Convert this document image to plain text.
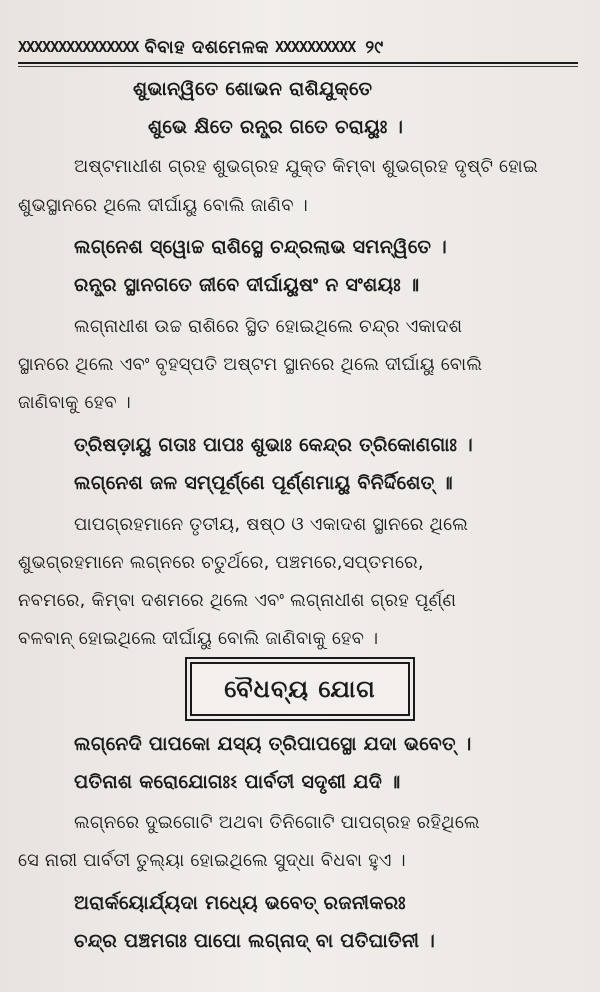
XXXXXXXXXXXXXXX ବିବାହ ଦଶମେଳକ XXXXXXXXXX ୨୯
ଶୁଭାନ୍ୱିତେ ଶୋଭନ ରାଶିଯୁକ୍ତେ
ଶୁଭେ କ୍ଷିତେ ରନ୍ଧ୍ର ଗତେ ଚରାୟୁଃ ।
ଅଷ୍ଟମାଧୀଶ ଗ୍ରହ ଶୁଭଗ୍ରହ ଯୁକ୍ତ କିମ୍ବା ଶୁଭଗ୍ରହ ଦୃଷ୍ଟି ହୋଇ
ଶୁଭସ୍ଥାନରେ ଥିଲେ ଦୀର୍ଘାୟୁ ବୋଲି ଜାଣିବ ।
ଲଗ୍ନେଶ ସ୍ୱୋଚ୍ଚ ରାଶିସ୍ଥେ ଚନ୍ଦ୍ରଲାଭ ସମନ୍ୱିତେ ।
ରନ୍ଧ୍ର ସ୍ଥାନଗତେ ଜୀବେ ଦୀର୍ଘାୟୁଷଂ ନ ସଂଶୟଃ ॥
ଲଗ୍ନାଧୀଶ ଉଚ୍ଚ ରାଶିରେ ସ୍ଥିତ ହୋଇଥିଲେ ଚନ୍ଦ୍ର ଏକାଦଶ
ସ୍ଥାନରେ ଥିଲେ ଏବଂ ବୃହସ୍ପତି ଅଷ୍ଟମ ସ୍ଥାନରେ ଥିଲେ ଦୀର୍ଘାୟୁ ବୋଲି
ଜାଣିବାକୁ ହେବ ।
ତ୍ରିଷଡ଼ାୟୁ ଗତାଃ ପାପଃ ଶୁଭାଃ କେନ୍ଦ୍ର ତ୍ରିକୋଣଗାଃ ।
ଲଗ୍ନେଶ ଜଳ ସମ୍ପୂର୍ଣ୍ଣେ ପୂର୍ଣ୍ଣମାୟୁ ବିନିର୍ଦ୍ଦିଶେତ୍ ॥
ପାପଗ୍ରହମାନେ ତୃତୀୟ, ଷଷ୍ଠ ଓ ଏକାଦଶ ସ୍ଥାନରେ ଥିଲେ
ଶୁଭଗ୍ରହମାନେ ଲଗ୍ନରେ ଚତୁର୍ଥରେ, ପଞ୍ଚମରେ,ସପ୍ତମରେ,
ନବମରେ, କିମ୍ବା ଦଶମରେ ଥିଲେ ଏବଂ ଲଗ୍ନାଧୀଶ ଗ୍ରହ ପୂର୍ଣ୍ଣ
ବଳବାନ୍ ହୋଇଥିଲେ ଦୀର୍ଘାୟୁ ବୋଲି ଜାଣିବାକୁ ହେବ ।
ବୈଧବ୍ୟ ଯୋଗ
ଲଗ୍ନେଦି ପାପକୋ ଯସ୍ୟ ତ୍ରିପାପସ୍ଥୋ ଯଦା ଭବେତ୍ ।
ପତିନାଶ କରୋଯୋଗଃଽ ପାର୍ବତୀ ସଦୃଶୀ ଯଦି ॥
ଲଗ୍ନରେ ଦୁଇଗୋଟି ଅଥବା ତିନିଗୋଟି ପାପଗ୍ରହ ରହିଥିଲେ
ସେ ନାରୀ ପାର୍ବତୀ ତୁଲ୍ୟା ହୋଇଥିଲେ ସୁଦ୍ଧା ବିଧବା ହୁଏ ।
ଅରାର୍କୟୋର୍ଯ୍ୟଦା ମଧ୍ୟେ ଭବେତ୍ ରଜନୀକରଃ
ଚନ୍ଦ୍ର ପଞ୍ଚମଗଃ ପାପୋ ଲଗ୍ନାଦ୍ ବା ପତିଘାତିନୀ ।
